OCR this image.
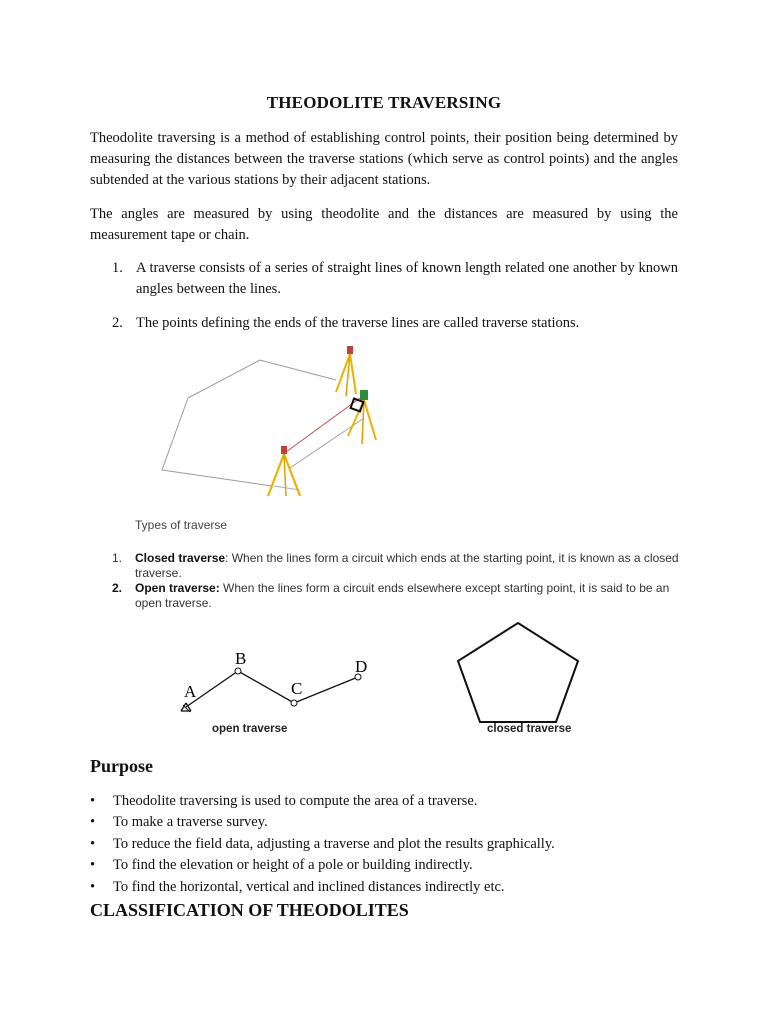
THEODOLITE TRAVERSING
Theodolite traversing is a method of establishing control points, their position being determined by measuring the distances between the traverse stations (which serve as control points) and the angles subtended at the various stations by their adjacent stations.
The angles are measured by using theodolite and the distances are measured by using the measurement tape or chain.
1. A traverse consists of a series of straight lines of known length related one another by known angles between the lines.
2. The points defining the ends of the traverse lines are called traverse stations.
Types of traverse
1. Closed traverse: When the lines form a circuit which ends at the starting point, it is known as a closed traverse.
2. Open traverse: When the lines form a circuit ends elsewhere except starting point, it is said to be an open traverse.
A
B
C
D
open traverse	closed traverse
Purpose
• Theodolite traversing is used to compute the area of a traverse.
• To make a traverse survey.
• To reduce the field data, adjusting a traverse and plot the results graphically.
• To find the elevation or height of a pole or building indirectly.
• To find the horizontal, vertical and inclined distances indirectly etc.
CLASSIFICATION OF THEODOLITES
